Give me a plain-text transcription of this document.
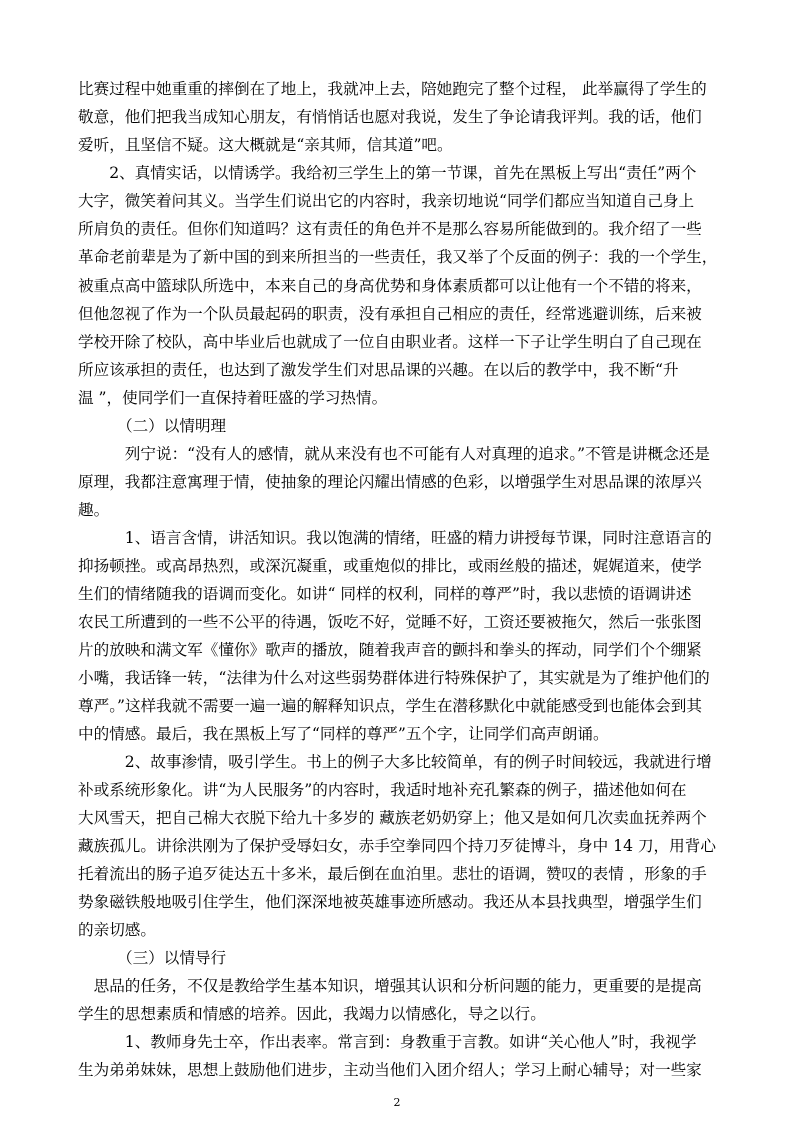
比赛过程中她重重的摔倒在了地上，我就冲上去，陪她跑完了整个过程， 此举赢得了学生的
敬意，他们把我当成知心朋友，有悄悄话也愿对我说，发生了争论请我评判。我的话，他们
爱听，且坚信不疑。这大概就是“亲其师，信其道”吧。
　　2、真情实话，以情诱学。我给初三学生上的第一节课，首先在黑板上写出“责任”两个
大字，微笑着问其义。当学生们说出它的内容时，我亲切地说“同学们都应当知道自己身上
所肩负的责任。但你们知道吗？这有责任的角色并不是那么容易所能做到的。我介绍了一些
革命老前辈是为了新中国的到来所担当的一些责任，我又举了个反面的例子：我的一个学生，
被重点高中篮球队所选中，本来自己的身高优势和身体素质都可以让他有一个不错的将来，
但他忽视了作为一个队员最起码的职责，没有承担自己相应的责任，经常逃避训练，后来被
学校开除了校队，高中毕业后也就成了一位自由职业者。这样一下子让学生明白了自己现在
所应该承担的责任，也达到了激发学生们对思品课的兴趣。在以后的教学中，我不断“升
温 ”，使同学们一直保持着旺盛的学习热情。
　　　（二）以情明理
　　　列宁说：“没有人的感情，就从来没有也不可能有人对真理的追求。”不管是讲概念还是
原理，我都注意寓理于情，使抽象的理论闪耀出情感的色彩，以增强学生对思品课的浓厚兴
趣。
　　　1、语言含情，讲活知识。我以饱满的情绪，旺盛的精力讲授每节课，同时注意语言的
抑扬顿挫。或高昂热烈，或深沉凝重，或重炮似的排比，或雨丝般的描述，娓娓道来，使学
生们的情绪随我的语调而变化。如讲“ 同样的权利，同样的尊严”时，我以悲愤的语调讲述
农民工所遭到的一些不公平的待遇，饭吃不好，觉睡不好，工资还要被拖欠，然后一张张图
片的放映和满文军《懂你》歌声的播放，随着我声音的颤抖和拳头的挥动，同学们个个绷紧
小嘴，我话锋一转，“法律为什么对这些弱势群体进行特殊保护了，其实就是为了维护他们的
尊严。”这样我就不需要一遍一遍的解释知识点，学生在潜移默化中就能感受到也能体会到其
中的情感。最后，我在黑板上写了“同样的尊严”五个字，让同学们高声朗诵。
　　　2、故事渗情，吸引学生。书上的例子大多比较简单，有的例子时间较远，我就进行增
补或系统形象化。讲“为人民服务”的内容时，我适时地补充孔繁森的例子，描述他如何在
大风雪天，把自己棉大衣脱下给九十多岁的 藏族老奶奶穿上；他又是如何几次卖血抚养两个
藏族孤儿。讲徐洪刚为了保护受辱妇女，赤手空拳同四个持刀歹徒博斗，身中 14 刀，用背心
托着流出的肠子追歹徒达五十多米，最后倒在血泊里。悲壮的语调，赞叹的表情 ，形象的手
势象磁铁般地吸引住学生，他们深深地被英雄事迹所感动。我还从本县找典型，增强学生们
的亲切感。
　　　（三）以情导行
　思品的任务，不仅是教给学生基本知识，增强其认识和分析问题的能力，更重要的是提高
学生的思想素质和情感的培养。因此，我竭力以情感化，导之以行。
　　　1、教师身先士卒，作出表率。常言到：身教重于言教。如讲“关心他人”时，我视学
生为弟弟妹妹，思想上鼓励他们进步，主动当他们入团介绍人；学习上耐心辅导；对一些家
2
